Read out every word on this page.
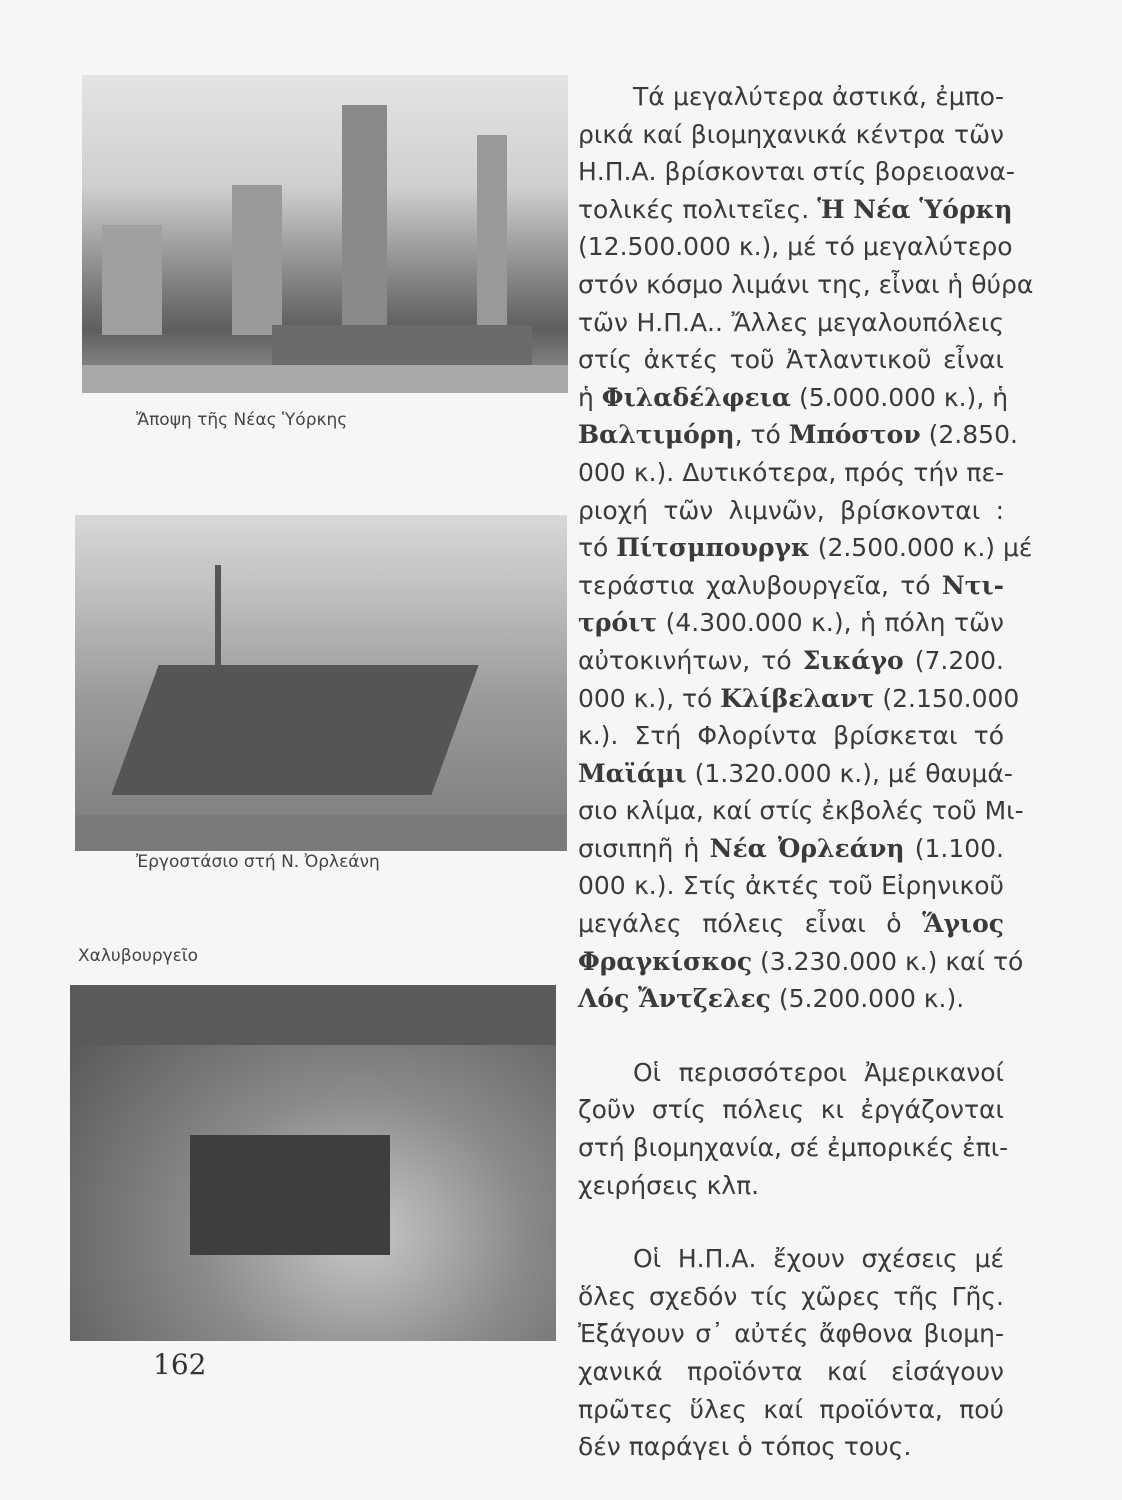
Ἄποψη τῆς Νέας Ὑόρκης
Ἐργοστάσιο στή Ν. Ὀρλεάνη
Χαλυβουργεῖο
Τά μεγαλύτερα ἀστικά, ἐμπο-
ρικά καί βιομηχανικά κέντρα τῶν
Η.Π.Α. βρίσκονται στίς βορειοανα-
τολικές πολιτεῖες. Ἡ Νέα Ὑόρκη
(12.500.000 κ.), μέ τό μεγαλύτερο
στόν κόσμο λιμάνι της, εἶναι ἡ θύρα
τῶν Η.Π.Α.. Ἄλλες μεγαλουπόλεις
στίς ἀκτές τοῦ Ἀτλαντικοῦ εἶναι
ἡ Φιλαδέλφεια (5.000.000 κ.), ἡ
Βαλτιμόρη, τό Μπόστον (2.850.
000 κ.). Δυτικότερα, πρός τήν πε-
ριοχή τῶν λιμνῶν, βρίσκονται :
τό Πίτσμπουργκ (2.500.000 κ.) μέ
τεράστια χαλυβουργεῖα, τό Ντι-
τρόιτ (4.300.000 κ.), ἡ πόλη τῶν
αὐτοκινήτων, τό Σικάγο (7.200.
000 κ.), τό Κλίβελαντ (2.150.000
κ.). Στή Φλορίντα βρίσκεται τό
Μαϊάμι (1.320.000 κ.), μέ θαυμά-
σιο κλίμα, καί στίς ἐκβολές τοῦ Μι-
σισιπηῆ ἡ Νέα Ὀρλεάνη (1.100.
000 κ.). Στίς ἀκτές τοῦ Εἰρηνικοῦ
μεγάλες πόλεις εἶναι ὁ Ἅγιος
Φραγκίσκος (3.230.000 κ.) καί τό
Λός Ἄντζελες (5.200.000 κ.).
Οἱ περισσότεροι Ἀμερικανοί
ζοῦν στίς πόλεις κι ἐργάζονται
στή βιομηχανία, σέ ἐμπορικές ἐπι-
χειρήσεις κλπ.
Οἱ Η.Π.Α. ἔχουν σχέσεις μέ
ὅλες σχεδόν τίς χῶρες τῆς Γῆς.
Ἐξάγουν σ᾿ αὐτές ἄφθονα βιομη-
χανικά προϊόντα καί εἰσάγουν
πρῶτες ὕλες καί προϊόντα, πού
δέν παράγει ὁ τόπος τους.
162
